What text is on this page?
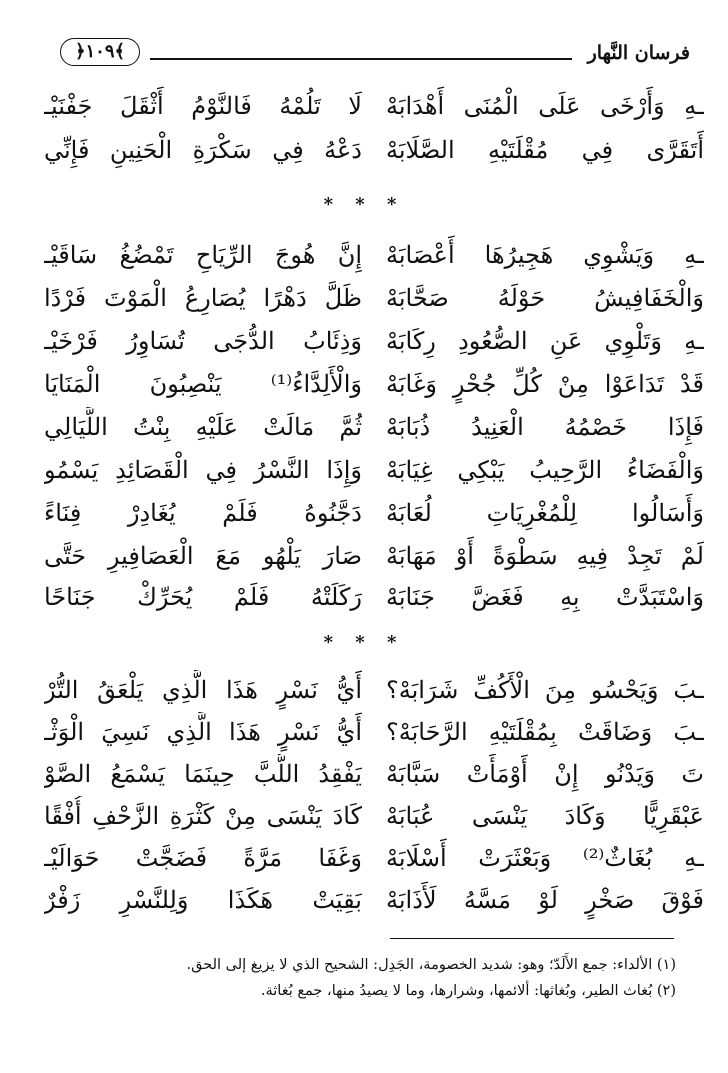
فرسان النَّهار
﴿١٠٩﴾
لَا تَلُمْهُ فَالنَّوْمُ أَثْقَلَ جَفْنَيْـ ـهِ وَأَرْخَى عَلَى الْمُنَى أَهْدَابَهْ
دَعْهُ فِي سَكْرَةِ الْحَنِينِ فَإِنِّي أَتَقَرَّى فِي مُقْلَتَيْهِ الصَّلَابَهْ
* * *
إِنَّ هُوجَ الرِّيَاحِ تَمْضُغُ سَاقَيْـ ـهِ وَيَشْوِي هَجِيرُهَا أَعْصَابَهْ
ظَلَّ دَهْرًا يُصَارِعُ الْمَوْتَ فَرْدًا وَالْخَفَافِيشُ حَوْلَهُ صَحَّابَهْ
وَذِئَابُ الدُّجَى تُسَاوِرُ فَرْخَيْـ ـهِ وَتَلْوِي عَنِ الصُّعُودِ رِكَابَهْ
وَالْأَلِدَّاءُ⁽¹⁾ يَنْصِبُونَ الْمَنَايَا قَدْ تَدَاعَوْا مِنْ كُلِّ جُحْرٍ وَغَابَهْ
ثُمَّ مَالَتْ عَلَيْهِ بِنْتُ اللَّيَالِي فَإِذَا خَصْمُهُ الْعَنِيدُ ذُبَابَهْ
وَإِذَا النَّسْرُ فِي الْقَصَائِدِ يَسْمُو وَالْفَضَاءُ الرَّحِيبُ يَبْكِي غِيَابَهْ
دَجَّنُوهُ فَلَمْ يُغَادِرْ فِنَاءً وَأَسَالُوا لِلْمُغْرِيَاتِ لُعَابَهْ
صَارَ يَلْهُو مَعَ الْعَصَافِيرِ حَتَّى لَمْ تَجِدْ فِيهِ سَطْوَةً أَوْ مَهَابَهْ
رَكَلَتْهُ فَلَمْ يُحَرِّكْ جَنَاحًا وَاسْتَبَدَّتْ بِهِ فَغَضَّ جَنَابَهْ
* * *
أَيُّ نَسْرٍ هَذَا الَّذِي يَلْعَقُ التُّرْ ـبَ وَيَحْسُو مِنَ الْأَكُفِّ شَرَابَهْ؟
أَيُّ نَسْرٍ هَذَا الَّذِي نَسِيَ الْوَثْـ ـبَ وَضَاقَتْ بِمُقْلَتَيْهِ الرَّحَابَهْ؟
يَفْقِدُ اللُّبَّ حِينَمَا يَسْمَعُ الصَّوْ تَ وَيَدْنُو إِنْ أَوْمَأَتْ سَبَّابَهْ
كَادَ يَنْسَى مِنْ كَثْرَةِ الزَّحْفِ أُفْقًا عَبْقَرِيًّا وَكَادَ يَنْسَى عُبَابَهْ
وَغَفَا مَرَّةً فَضَجَّتْ حَوَالَيْـ ـهِ بُغَاثٌ⁽²⁾ وَبَعْثَرَتْ أَسْلَابَهْ
بَقِيَتْ هَكَذَا وَلِلنَّسْرِ زَفْرٌ فَوْقَ صَخْرٍ لَوْ مَسَّهُ لَأَذَابَهْ
(١) الألداء: جمع الأَلَدّ؛ وهو: شديد الخصومة، الجَدِل: الشحيح الذي لا يزيغ إلى الحق.
(٢) بُغاث الطير، وبُغاثها: ألائمها، وشرارها، وما لا يصيدُ منها، جمع بُغاثة.
